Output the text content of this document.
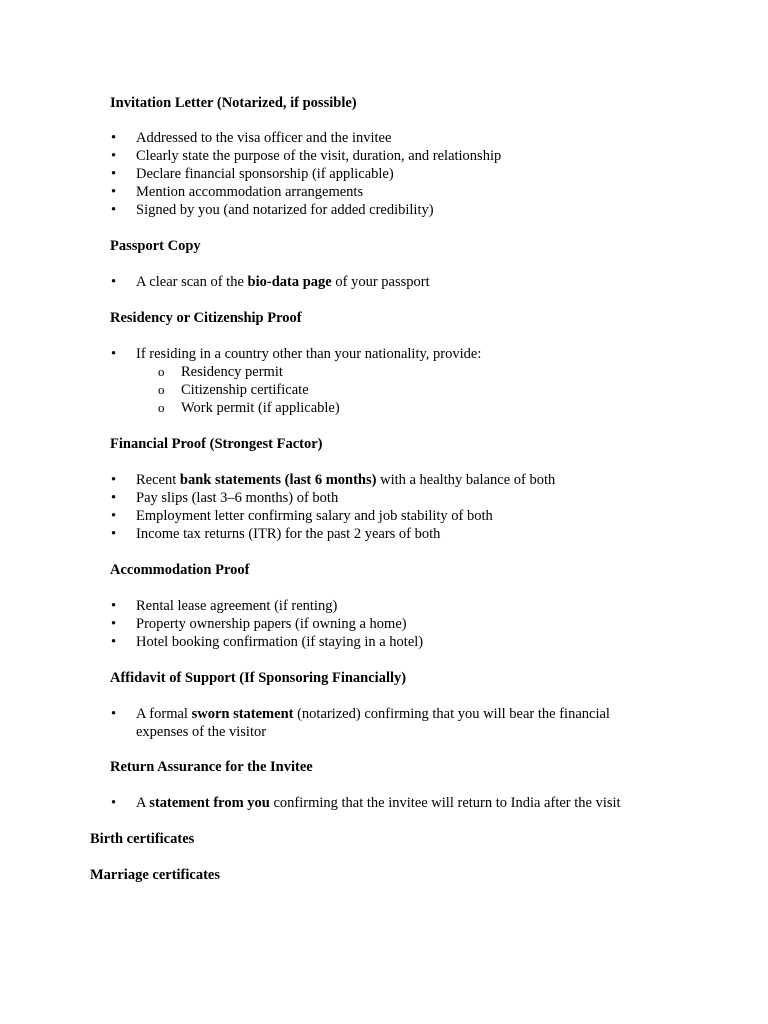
Invitation Letter (Notarized, if possible)
•	Addressed to the visa officer and the invitee
•	Clearly state the purpose of the visit, duration, and relationship
•	Declare financial sponsorship (if applicable)
•	Mention accommodation arrangements
•	Signed by you (and notarized for added credibility)
Passport Copy
•	A clear scan of the bio-data page of your passport
Residency or Citizenship Proof
•	If residing in a country other than your nationality, provide:
o Residency permit
o Citizenship certificate
o Work permit (if applicable)
Financial Proof (Strongest Factor)
•	Recent bank statements (last 6 months) with a healthy balance of both
•	Pay slips (last 3–6 months) of both
•	Employment letter confirming salary and job stability of both
•	Income tax returns (ITR) for the past 2 years of both
Accommodation Proof
•	Rental lease agreement (if renting)
•	Property ownership papers (if owning a home)
•	Hotel booking confirmation (if staying in a hotel)
Affidavit of Support (If Sponsoring Financially)
•	A formal sworn statement (notarized) confirming that you will bear the financial
expenses of the visitor
Return Assurance for the Invitee
•	A statement from you confirming that the invitee will return to India after the visit
Birth certificates
Marriage certificates
